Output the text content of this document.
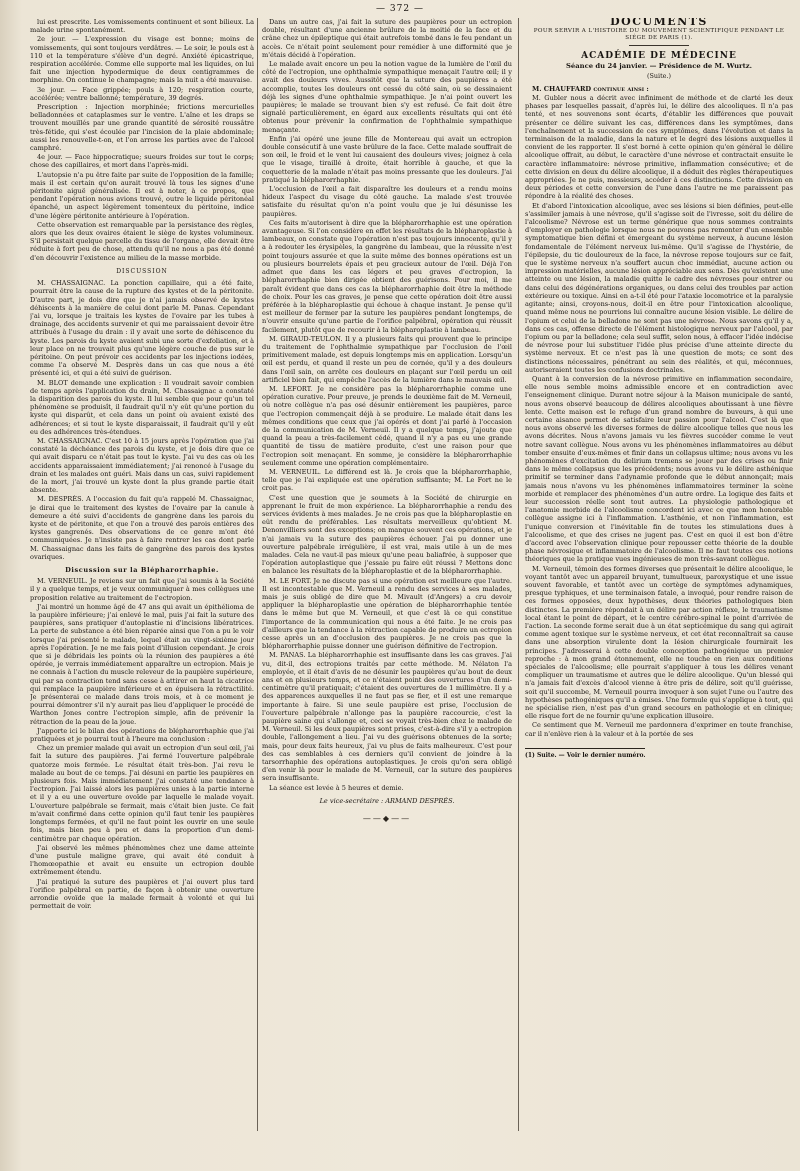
— 372 —

lui est prescrite. Les vomissements continuent et sont bilieux. La malade urine spontanément.

2e jour. — L'expression du visage est bonne; moins de vomissements, qui sont toujours verdâtres. — Le soir, le pouls est à 110 et la température s'élève d'un degré. Anxiété épicastrique, respiration accélérée. Comme elle supporte mal les liquides, on lui fait une injection hypodermique de deux centigrammes de morphine. On continue le champagne; mais la nuit a été mauvaise.

3e jour. — Face grippée; pouls à 120; respiration courte, accélérée; ventre ballonné; température, 39 degrés.

Prescription : Injection morphinée; frictions mercurielles belladonnées et cataplasmes sur le ventre. L'aîne et les draps se trouvent mouillés par une grande quantité de sérosité roussâtre très-fétide, qui s'est écoulée par l'incision de la plaie abdominale; aussi les renouvelle-t-on, et l'on arrose les parties avec de l'alcool camphré.

4e jour. — Face hippocratique; sueurs froides sur tout le corps; chose des capillaires, et mort dans l'après-midi.

L'autopsie n'a pu être faite par suite de l'opposition de la famille; mais il est certain qu'on aurait trouvé là tous les signes d'une péritonite aiguë généralisée. Il est à noter, à ce propos, que pendant l'opération nous avions trouvé, outre le liquide péritonéal épanché, un aspect légèrement tomenteux du péritoine, indice d'une légère péritonite antérieure à l'opération.

Cette observation est remarquable par la persistance des règles, alors que les deux ovaires étaient le siège de kystes volumineux. S'il persistait quelque parcelle du tissu de l'organe, elle devait être réduite à fort peu de chose, attendu qu'il ne nous a pas été donné d'en découvrir l'existence au milieu de la masse morbide.

DISCUSSION

M. CHASSAIGNAC. La ponction capillaire, qui a été faite, pourrait être la cause de la rupture des kystes et de la péritonite. D'autre part, je dois dire que je n'ai jamais observé de kystes déhiscents à la manière de celui dont parle M. Panas. Cependant j'ai vu, lorsque je traitais les kystes de l'ovaire par les tubes à drainage, des accidents survenir et qui me paraissaient devoir être attribués à l'usage du drain : il y avait une sorte de déhiscence du kyste. Les parois du kyste avaient subi une sorte d'exfoliation, et à leur place on ne trouvait plus qu'une légère couche de pus sur le péritoine. On peut prévoir ces accidents par les injections iodées, comme l'a observé M. Desprès dans un cas que nous a été présenté ici, et qui a été suivi de guérison.

M. BLOT demande une explication : Il voudrait savoir combien de temps après l'application du drain, M. Chassaignac a constaté la disparition des parois du kyste. Il lui semble que pour qu'un tel phénomène se produisît, il faudrait qu'il n'y eût qu'une portion du kyste qui disparût, et cela dans un point où avaient existé des adhérences; et si tout le kyste disparaissait, il faudrait qu'il y eût eu des adhérences très-étendues.

M. CHASSAIGNAC. C'est 10 à 15 jours après l'opération que j'ai constaté la déchéance des parois du kyste, et je dois dire que ce qui avait disparu ce n'était pas tout le kyste. J'ai vu des cas où les accidents apparaissaient immédiatement; j'ai renoncé à l'usage du drain et les malades ont guéri. Mais dans un cas, suivi rapidement de la mort, j'ai trouvé un kyste dont la plus grande partie était absente.

M. DESPRÈS. A l'occasion du fait qu'a rappelé M. Chassaignac, je dirai que le traitement des kystes de l'ovaire par la canule à demeure a été suivi d'accidents de gangrène dans les parois du kyste et de péritonite, et que l'on a trouvé des parois entières des kystes gangrenés. Des observations de ce genre m'ont été communiquées. Je n'insiste pas à faire rentrer les cas dont parle M. Chassaignac dans les faits de gangrène des parois des kystes ovariques.

Discussion sur la Blépharorrhaphie.

M. VERNEUIL. Je reviens sur un fait que j'ai soumis à la Société il y a quelque temps, et je veux communiquer à mes collègues une proposition relative au traitement de l'ectropion.

J'ai montré un homme âgé de 47 ans qui avait un épithélioma de la paupière inférieure; j'ai enlevé le mal, puis j'ai fait la suture des paupières, sans pratiquer d'autoplastie ni d'incisions libératrices. La perte de substance a été bien réparée ainsi que l'on a pu le voir lorsque j'ai présenté le malade, lequel était au vingt-sixième jour après l'opération. Je ne me fais point d'illusion cependant. Je crois que si je débridais les points où la réunion des paupières a été opérée, je verrais immédiatement apparaître un ectropion. Mais je ne connais à l'action du muscle releveur de la paupière supérieure, qui par sa contraction tend sans cesse à attirer en haut la cicatrice qui remplace la paupière inférieure et en épuisera la rétractilité. Je présenterai ce malade dans trois mois, et à ce moment je pourrai démontrer s'il n'y aurait pas lieu d'appliquer le procédé de Warthon Jones contre l'ectropion simple, afin de prévenir la rétraction de la peau de la joue.

J'apporte ici le bilan des opérations de blépharorrhaphie que j'ai pratiquées et je pourrai tout à l'heure ma conclusion :

Chez un premier malade qui avait un ectropion d'un seul œil, j'ai fait la suture des paupières. J'ai fermé l'ouverture palpébrale quatorze mois fermée. Le résultat était très-bon. J'ai revu le malade au bout de ce temps. J'ai désuni en partie les paupières en plusieurs fois. Mais immédiatement j'ai constaté une tendance à l'ectropion. J'ai laissé alors les paupières unies à la partie interne et il y a eu une ouverture ovoïde par laquelle le malade voyait. L'ouverture palpébrale se fermait, mais c'était bien juste. Ce fait m'avait confirmé dans cette opinion qu'il faut tenir les paupières longtemps fermées, et qu'il ne faut point les ouvrir en une seule fois, mais bien peu à peu et dans la proportion d'un demi-centimètre par chaque opération.

J'ai observé les mêmes phénomènes chez une dame atteinte d'une pustule maligne grave, qui avait été conduit à l'homœopathie et avait eu ensuite un ectropion double extrêmement étendu.

J'ai pratiqué la suture des paupières et j'ai ouvert plus tard l'orifice palpébral en partie, de façon à obtenir une ouverture arrondie ovoïde que la malade fermait à volonté et qui lui permettait de voir.

Dans un autre cas, j'ai fait la suture des paupières pour un ectropion double, résultant d'une ancienne brûlure de la moitié de la face et du crâne chez un épileptique qui était autrefois tombé dans le feu pendant un accès. Ce n'était point seulement pour remédier à une difformité que je m'étais décidé à l'opération.

Le malade avait encore un peu la notion vague de la lumière de l'œil du côté de l'ectropion, une ophthalmie sympathique menaçait l'autre œil; il y avait des douleurs vives. Aussitôt que la suture des paupières a été accomplie, toutes les douleurs ont cessé du côté sain, où se dessinaient déjà les signes d'une ophthalmie sympathique. Je n'ai point ouvert les paupières; le malade se trouvant bien s'y est refusé. Ce fait doit être signalé particulièrement, en égard aux excellents résultats qui ont été obtenus pour prévenir la confirmation de l'ophthalmie sympathique menaçante.

Enfin j'ai opéré une jeune fille de Montereau qui avait un ectropion double consécutif à une vaste brûlure de la face. Cette malade souffrait de son œil, le froid et le vent lui causaient des douleurs vives; joignez à cela que le visage, tiraillé à droite, était horrible à gauche, et que la coquetterie de la malade n'était pas moins pressante que les douleurs. J'ai pratiqué la blépharorrhaphie.

L'occlusion de l'œil a fait disparaître les douleurs et a rendu moins hideux l'aspect du visage du côté gauche. La malade s'est trouvée satisfaite du résultat qu'on n'a point voulu que je lui désunisse les paupières.

Ces faits m'autorisent à dire que la blépharorrhaphie est une opération avantageuse. Si l'on considère en effet les résultats de la blépharoplastie à lambeaux, on constate que l'opération n'est pas toujours innocente, qu'il y a à redouter les érysipèles, la gangrène du lambeau, que la réussite n'est point toujours assurée et que la suite même des bonnes opérations est un ou plusieurs bourrelets épais et peu gracieux autour de l'œil. Déjà l'on admet que dans les cas légers et peu graves d'ectropion, la blépharorrhaphie bien dirigée obtient des guérisons. Pour moi, il me paraît évident que dans ces cas la blépharorrhaphie doit être la méthode de choix. Pour les cas graves, je pense que cette opération doit être aussi préférée à la blépharoplastie qui échoue à chaque instant. Je pense qu'il est meilleur de fermer par la suture les paupières pendant longtemps, de n'ouvrir ensuite qu'une partie de l'orifice palpébral, opération qui réussit facilement, plutôt que de recourir à la blépharoplastie à lambeau.

M. GIRAUD-TEULON. Il y a plusieurs faits qui prouvent que le principe du traitement de l'ophthalmie sympathique par l'occlusion de l'œil primitivement malade, est depuis longtemps mis en application. Lorsqu'un œil est perdu, et quand il reste un peu de cornée, qu'il y a des douleurs dans l'œil sain, on arrête ces douleurs en plaçant sur l'œil perdu un œil artificiel bien fait, qui empêche l'accès de la lumière dans le mauvais œil.

M. LEFORT. Je ne considère pas la blépharorrhaphie comme une opération curative. Pour preuve, je prends le deuxième fait de M. Verneuil, où notre collègue n'a pas osé désunir entièrement les paupières, parce que l'ectropion commençait déjà à se produire. Le malade était dans les mêmes conditions que ceux que j'ai opérés et dont j'ai parlé à l'occasion de la communication de M. Verneuil. Il y a quelque temps, j'ajoute que quand la peau a très-facilement cédé, quand il n'y a pas eu une grande quantité de tissu de matière produite, c'est une raison pour que l'ectropion soit menaçant. En somme, je considère la blépharorrhaphie seulement comme une opération complémentaire.

M. VERNEUIL. Le différend est là. Je crois que la blépharorrhaphie, telle que je l'ai expliquée est une opération suffisante; M. Le Fort ne le croit pas.

C'est une question que je soumets à la Société de chirurgie en apprenant le fruit de mon expérience. La blépharorrhaphie a rendu des services évidents à mes malades. Je ne crois pas que la blépharoplastie en eût rendu de préférables. Les résultats merveilleux qu'obtient M. Denonvilliers sont des exceptions; on manque souvent ces opérations, et je n'ai jamais vu la suture des paupières échouer. J'ai pu donner une ouverture palpébrale irrégulière, il est vrai, mais utile à un de mes malades. Cela ne vaut-il pas mieux qu'une peau baliafrée, à supposer que l'opération autoplastique que j'essaie pu faire eût réussi ? Mettons donc en balance les résultats de la blépharoplastie et de la blépharorrhaphie.

M. LE FORT. Je ne discute pas si une opération est meilleure que l'autre. Il est incontestable que M. Verneuil a rendu des services à ses malades, mais je suis obligé de dire que M. Mivault (d'Angers) a cru devoir appliquer la blépharoplastie une opération de blépharorrhaphie tentée dans le même but que M. Verneuil, et que c'est là ce qui constitue l'importance de la communication qui nous a été faite. Je ne crois pas d'ailleurs que la tendance à la rétraction capable de produire un ectropion cesse après un an d'occlusion des paupières. Je ne crois pas que la blépharorrhaphie puisse donner une guérison définitive de l'ectropion.

M. PANAS. La blépharorrhaphie est insuffisante dans les cas graves. J'ai vu, dit-il, des ectropions traités par cette méthode. M. Nélaton l'a employée, et il était d'avis de ne désunir les paupières qu'au bout de deux ans et en plusieurs temps, et ce n'étaient point des ouvertures d'un demi-centimètre qu'il pratiquait; c'étaient des ouvertures de 1 millimètre. Il y a des apparences auxquelles il ne faut pas se fier, et il est une remarque importante à faire. Si une seule paupière est prise, l'occlusion de l'ouverture palpébrale n'allonge pas la paupière raccourcie, c'est la paupière saine qui s'allonge et, ceci se voyait très-bien chez le malade de M. Verneuil. Si les deux paupières sont prises, c'est-à-dire s'il y a ectropion double, l'allongement a lieu. J'ai vu des guérisons obtenues de la sorte; mais, pour deux faits heureux, j'ai vu plus de faits malheureux. C'est pour des cas semblables à ces derniers qu'il convient de joindre à la tarsorrhaphie des opérations autoplastiques. Je crois qu'on sera obligé d'en venir là pour le malade de M. Verneuil, car la suture des paupières sera insuffisante.

La séance est levée à 5 heures et demie.

Le vice-secrétaire : ARMAND DESPRÈS.
——◆——
DOCUMENTS
POUR SERVIR A L'HISTOIRE DU MOUVEMENT SCIENTIFIQUE PENDANT LE SIÉGE DE PARIS (1).
ACADÉMIE DE MÉDECINE
Séance du 24 janvier. — Présidence de M. Wurtz.
(Suite.)

M. CHAUFFARD continue ainsi :

M. Gubler nous a décrit avec infiniment de méthode et de clarté les deux phases par lesquelles passait, d'après lui, le délire des alcooliques. Il n'a pas tenté, et nes souvenons sont écarts, d'établir les différences que pouvait présenter ce délire suivant les cas, différences dans les symptômes, dans l'enchaînement et la succession de ces symptômes, dans l'évolution et dans la terminaison de la maladie, dans la nature et le degré des lésions auxquelles il convient de les rapporter. Il s'est borné à cette opinion qu'en général le délire alcoolique offrait, au début, le caractère d'une névrose et contractait ensuite le caractère inflammatoire: névrose primitive, inflammation consécutive; et de cette division en deux du délire alcoolique, il a déduit des règles thérapeutiques appropriées. Je ne puis, messieurs, accéder à ces distinctions. Cette division en deux périodes et cette conversion de l'une dans l'autre ne me paraissent pas répondre à la réalité des choses.

Et d'abord l'intoxication alcoolique, avec ses lésions si bien définies, peut-elle s'assimiler jamais à une névrose, qu'il s'agisse soit de l'ivresse, soit du délire de l'alcoolisme? Névrose est un terme générique que nous sommes contraints d'employer en pathologie lorsque nous ne pouvons pas remonter d'un ensemble symptomatique bien défini et émergeant du système nerveux, à aucune lésion fondamentale de l'élément nerveux lui-même. Qu'il s'agisse de l'hystérie, de l'épilepsie, du tic douloureux de la face, la névrose repose toujours sur ce fait, que le système nerveux n'a souffert aucun choc immédiat, aucune action ou impression matérielles, aucune lésion appréciable aux sens. Dès qu'existent une atteinte ou une lésion, la maladie quitte le cadre des névroses pour entrer ou dans celui des dégénérations organiques, ou dans celui des troubles par action extérieure ou toxique. Ainsi en a-t-il été pour l'ataxie locomotrice et la paralysie agitante; ainsi, croyons-nous, doit-il en être pour l'intoxication alcoolique, quand même nous ne pourrions lui connaître aucune lésion visible. Le délire de l'opium et celui de la belladone ne sont pas une névrose. Nous savons qu'il y a, dans ces cas, offense directe de l'élément histologique nerveux par l'alcool, par l'opium ou par la belladone; cela seul suffit, selon nous, à effacer l'idée indécise de névrose pour lui substituer l'idée plus précise d'une atteinte directe du système nerveux. Et ce n'est pas là une question de mots; ce sont des distinctions nécessaires, pénétrant au sein des réalités, et qui, méconnues, autoriseraient toutes les confusions doctrinales.

Quant à la conversion de la névrose primitive en inflammation secondaire, elle nous semble moins admissible encore et en contradiction avec l'enseignement clinique. Durant notre séjour à la Maison municipale de santé, nous avons observé beaucoup de délires alcooliques aboutissant à une fièvre lente. Cette maison est le refuge d'un grand nombre de buveurs, à qui une certaine aisance permet de satisfaire leur passion pour l'alcool. C'est là que nous avons observé les diverses formes de délire alcoolique telles que nous les avons décrites. Nous n'avons jamais vu les fièvres succéder comme le veut notre savant collègue. Nous avons vu les phénomènes inflammatoires au début tomber ensuite d'eux-mêmes et finir dans un collapsus ultime; nous avons vu les phénomènes d'excitation du delirium tremens se jouer par des crises ou finir dans le même collapsus que les précédents; nous avons vu le délire asthénique primitif se terminer dans l'adynamie profonde que le début annonçait; mais jamais nous n'avons vu les phénomènes inflammatoires terminer la scène morbide et remplacer des phénomènes d'un autre ordre. La logique des faits et leur succession réelle sont tout autres. La physiologie pathologique et l'anatomie morbide de l'alcoolisme concordent ici avec ce que mon honorable collègue assigne ici à l'inflammation. L'asthénie, et non l'inflammation, est l'unique conversion et l'inévitable fin de toutes les stimulations dues à l'alcoolisme, et que des crises ne jugent pas. C'est en quoi il est bon d'être d'accord avec l'observation clinique pour repousser cette théorie de la double phase névrosique et inflammatoire de l'alcoolisme. Il ne faut toutes ces notions théoriques que la pratique vues ingénieuses de mon très-savant collègue.

M. Verneuil, témoin des formes diverses que présentait le délire alcoolique, le voyant tantôt avec un appareil bruyant, tumultueux, paroxystique et une issue souvent favorable, et tantôt avec un cortège de symptômes adynamiques, presque typhiques, et une terminaison fatale, a invoqué, pour rendre raison de ces formes opposées, deux hypothèses, deux théories pathologiques bien distinctes. La première répondait à un délire par action réflexe, le traumatisme local étant le point de départ, et le centre cérébro-spinal le point d'arrivée de l'action. La seconde forme serait due à un état septicémique du sang qui agirait comme agent toxique sur le système nerveux, et cet état reconnaîtrait sa cause dans une absorption virulente dont la lésion chirurgicale fournirait les principes. J'adresserai à cette double conception pathogénique un premier reproche : à mon grand étonnement, elle ne touche en rien aux conditions spéciales de l'alcoolisme; elle pourrait s'appliquer à tous les délires venant compliquer un traumatisme et autres que le délire alcoolique. Qu'un blessé qui n'a jamais fait d'excès d'alcool vienne à être pris de délire, soit qu'il guérisse, soit qu'il succombe, M. Verneuil pourra invoquer à son sujet l'une ou l'autre des hypothèses pathogéniques qu'il a émises. Une formule qui s'applique à tout, qui ne spécialise rien, n'est pas d'un grand secours en pathologie et en clinique; elle risque fort de ne fournir qu'une explication illusoire.

Ce sentiment que M. Verneuil me pardonnera d'exprimer en toute franchise, car il n'enlève rien à la valeur et à la portée de ses

(1) Suite. — Voir le dernier numéro.
